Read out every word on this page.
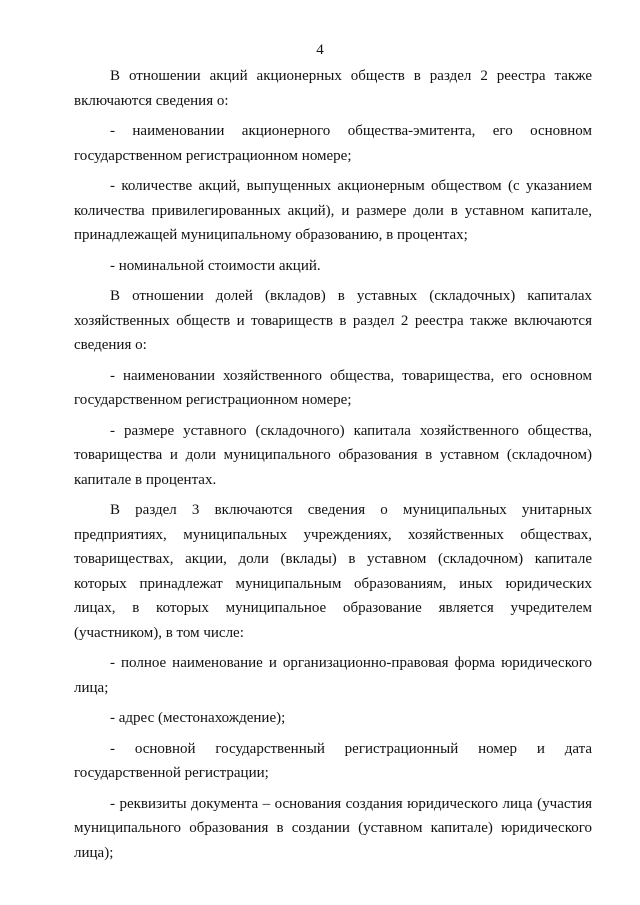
4

В отношении акций акционерных обществ в раздел 2 реестра также включаются сведения о:

- наименовании акционерного общества-эмитента, его основном государственном регистрационном номере;

- количестве акций, выпущенных акционерным обществом (с указанием количества привилегированных акций), и размере доли в уставном капитале, принадлежащей муниципальному образованию, в процентах;

- номинальной стоимости акций.

В отношении долей (вкладов) в уставных (складочных) капиталах хозяйственных обществ и товариществ в раздел 2 реестра также включаются сведения о:

- наименовании хозяйственного общества, товарищества, его основном государственном регистрационном номере;

- размере уставного (складочного) капитала хозяйственного общества, товарищества и доли муниципального образования в уставном (складочном) капитале в процентах.

В раздел 3 включаются сведения о муниципальных унитарных предприятиях, муниципальных учреждениях, хозяйственных обществах, товариществах, акции, доли (вклады) в уставном (складочном) капитале которых принадлежат муниципальным образованиям, иных юридических лицах, в которых муниципальное образование является учредителем (участником), в том числе:

- полное наименование и организационно-правовая форма юридического лица;

- адрес (местонахождение);

- основной государственный регистрационный номер и дата государственной регистрации;

- реквизиты документа – основания создания юридического лица (участия муниципального образования в создании (уставном капитале) юридического лица);
